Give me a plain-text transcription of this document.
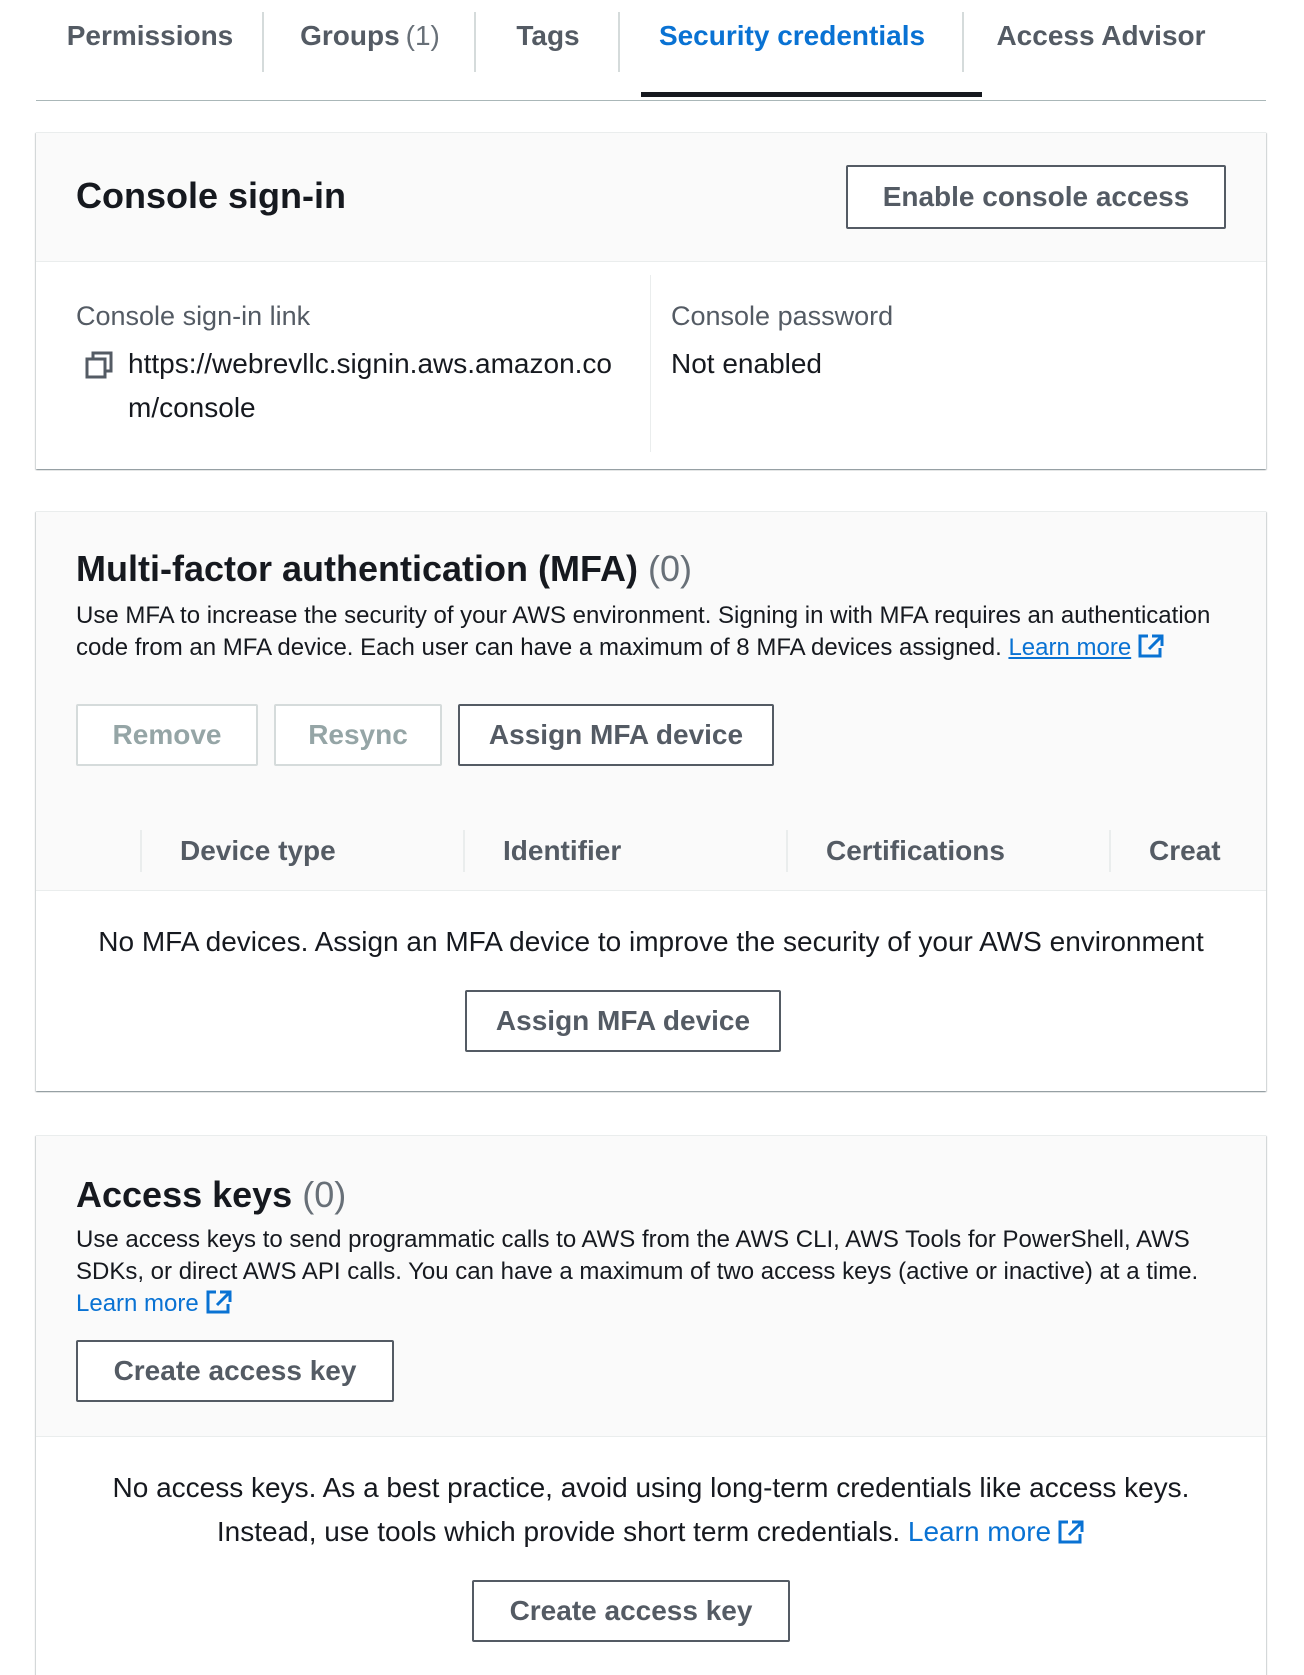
Permissions Groups (1)	Tags	Security credentials	Access Advisor
Console sign-in	Enable console access
Console sign-in link
https://webrevllc.signin.aws.amazon.com/console
Console password
Not enabled
Multi-factor authentication (MFA) (0)
Use MFA to increase the security of your AWS environment. Signing in with MFA requires an authentication code from an MFA device. Each user can have a maximum of 8 MFA devices assigned. Learn more
Remove	Resync	Assign MFA device
Device type	Identifier	Certifications	Creat
No MFA devices. Assign an MFA device to improve the security of your AWS environment
Assign MFA device
Access keys (0)
Use access keys to send programmatic calls to AWS from the AWS CLI, AWS Tools for PowerShell, AWS SDKs, or direct AWS API calls. You can have a maximum of two access keys (active or inactive) at a time. Learn more
Create access key
No access keys. As a best practice, avoid using long-term credentials like access keys.
Instead, use tools which provide short term credentials. Learn more
Create access key
